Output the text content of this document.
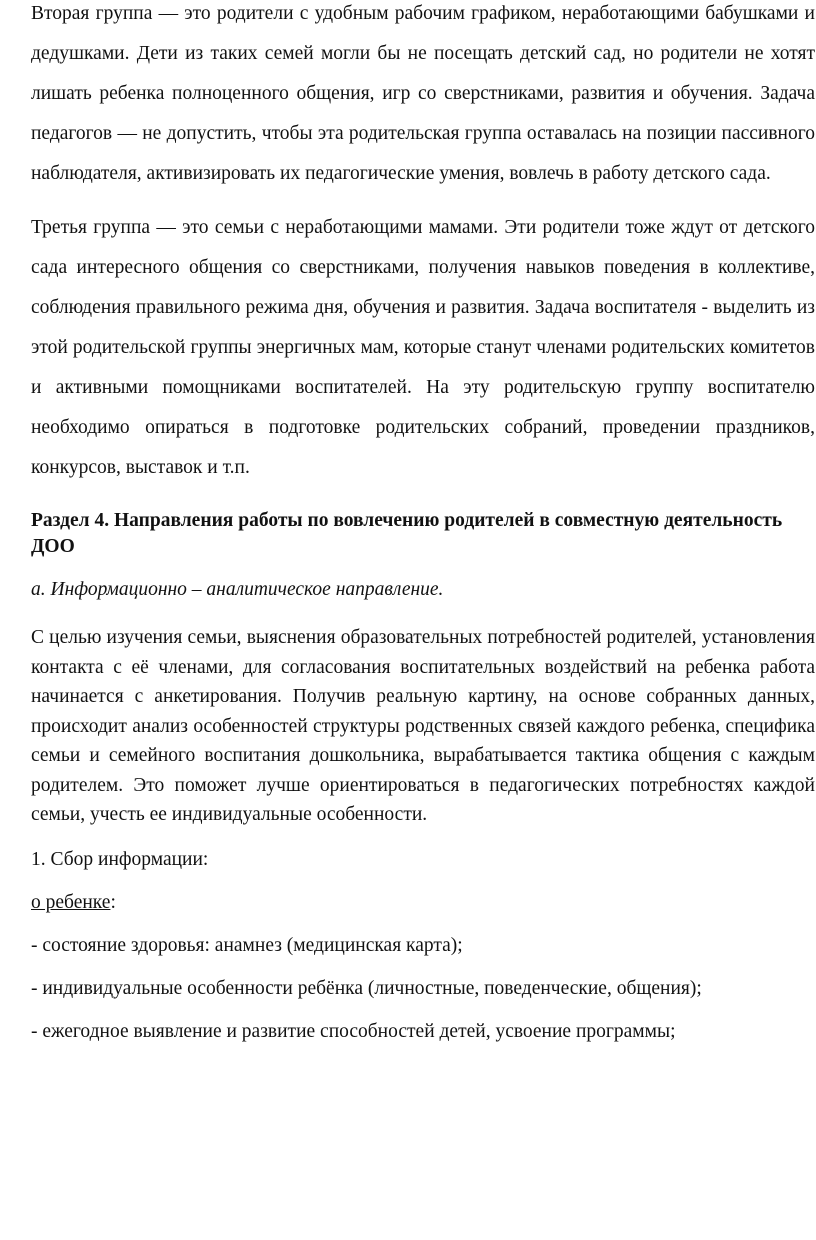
Вторая группа — это родители с удобным рабочим графиком, неработающими бабушками и дедушками. Дети из таких семей могли бы не посещать детский сад, но родители не хотят лишать ребенка полноценного общения, игр со сверстниками, развития и обучения. Задача педагогов — не допустить, чтобы эта родительская группа оставалась на позиции пассивного наблюдателя, активизировать их педагогические умения, вовлечь в работу детского сада.

Третья группа — это семьи с неработающими мамами. Эти родители тоже ждут от детского сада интересного общения со сверстниками, получения навыков поведения в коллективе, соблюдения правильного режима дня, обучения и развития. Задача воспитателя - выделить из этой родительской группы энергичных мам, которые станут членами родительских комитетов и активными помощниками воспитателей. На эту родительскую группу воспитателю необходимо опираться в подготовке родительских собраний, проведении праздников, конкурсов, выставок и т.п.

Раздел 4. Направления работы по вовлечению родителей в совместную деятельность ДОО

а. Информационно – аналитическое направление.

С целью изучения семьи, выяснения образовательных потребностей родителей, установления контакта с её членами, для согласования воспитательных воздействий на ребенка работа начинается с анкетирования. Получив реальную картину, на основе собранных данных, происходит анализ особенностей структуры родственных связей каждого ребенка, специфика семьи и семейного воспитания дошкольника, вырабатывается тактика общения с каждым родителем. Это поможет лучше ориентироваться в педагогических потребностях каждой семьи, учесть ее индивидуальные особенности.

1. Сбор информации:

о ребенке:

- состояние здоровья: анамнез (медицинская карта);

- индивидуальные особенности ребёнка (личностные, поведенческие, общения);

- ежегодное выявление и развитие способностей детей, усвоение программы;
